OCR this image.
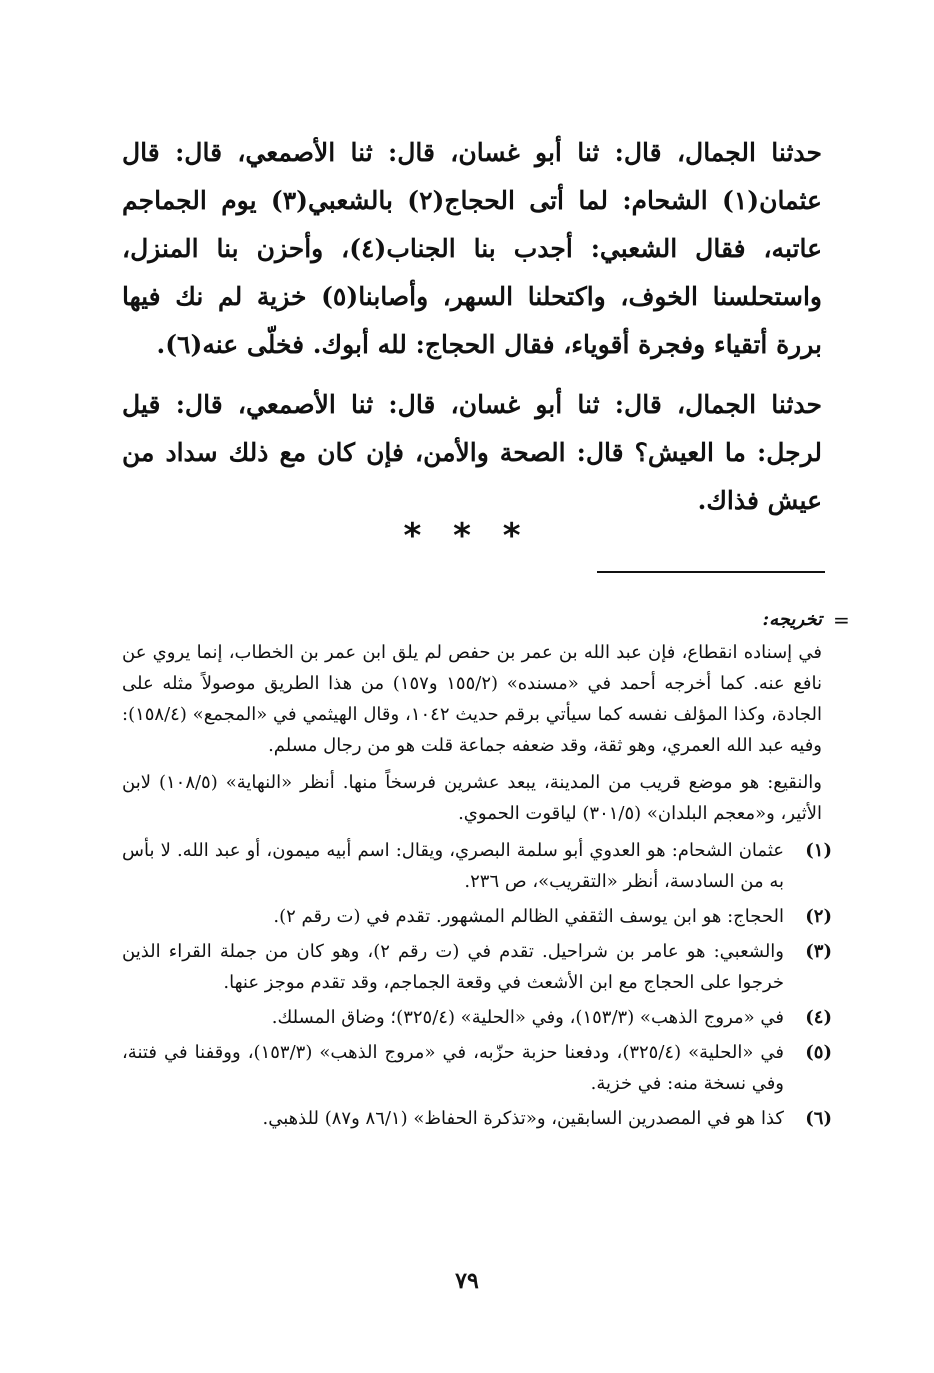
حدثنا الجمال، قال: ثنا أبو غسان، قال: ثنا الأصمعي، قال: قال عثمان(١) الشحام: لما أتى الحجاج(٢) بالشعبي(٣) يوم الجماجم عاتبه، فقال الشعبي: أجدب بنا الجناب(٤)، وأحزن بنا المنزل، واستحلسنا الخوف، واكتحلنا السهر، وأصابنا(٥) خزية لم نك فيها بررة أتقياء وفجرة أقوياء، فقال الحجاج: لله أبوك. فخلّى عنه(٦).

حدثنا الجمال، قال: ثنا أبو غسان، قال: ثنا الأصمعي، قال: قيل لرجل: ما العيش؟ قال: الصحة والأمن، فإن كان مع ذلك سداد من عيش فذاك.

* * *
=
تخريجه:
في إسناده انقطاع، فإن عبد الله بن عمر بن حفص لم يلق ابن عمر بن الخطاب، إنما يروي عن نافع عنه. كما أخرجه أحمد في «مسنده» (١٥٥/٢ و١٥٧) من هذا الطريق موصولاً مثله على الجادة، وكذا المؤلف نفسه كما سيأتي برقم حديث ١٠٤٢، وقال الهيثمي في «المجمع» (١٥٨/٤): وفيه عبد الله العمري، وهو ثقة، وقد ضعفه جماعة قلت هو من رجال مسلم.
والنقيع: هو موضع قريب من المدينة، يبعد عشرين فرسخاً منها. أنظر «النهاية» (١٠٨/٥) لابن الأثير، و«معجم البلدان» (٣٠١/٥) لياقوت الحموي.
(١)
عثمان الشحام: هو العدوي أبو سلمة البصري، ويقال: اسم أبيه ميمون، أو عبد الله. لا بأس به من السادسة، أنظر «التقريب»، ص ٢٣٦.
(٢)
الحجاج: هو ابن يوسف الثقفي الظالم المشهور. تقدم في (ت رقم ٢).
(٣)
والشعبي: هو عامر بن شراحيل. تقدم في (ت رقم ٢)، وهو كان من جملة القراء الذين خرجوا على الحجاج مع ابن الأشعث في وقعة الجماجم، وقد تقدم موجز عنها.
(٤)
في «مروج الذهب» (١٥٣/٣)، وفي «الحلية» (٣٢٥/٤)؛ وضاق المسلك.
(٥)
في «الحلية» (٣٢٥/٤)، ودفعنا حزبة حزّبه، في «مروج الذهب» (١٥٣/٣)، ووقفنا في فتنة، وفي نسخة منه: في خزية.
(٦)
كذا هو في المصدرين السابقين، و«تذكرة الحفاظ» (٨٦/١ و٨٧) للذهبي.
٧٩
